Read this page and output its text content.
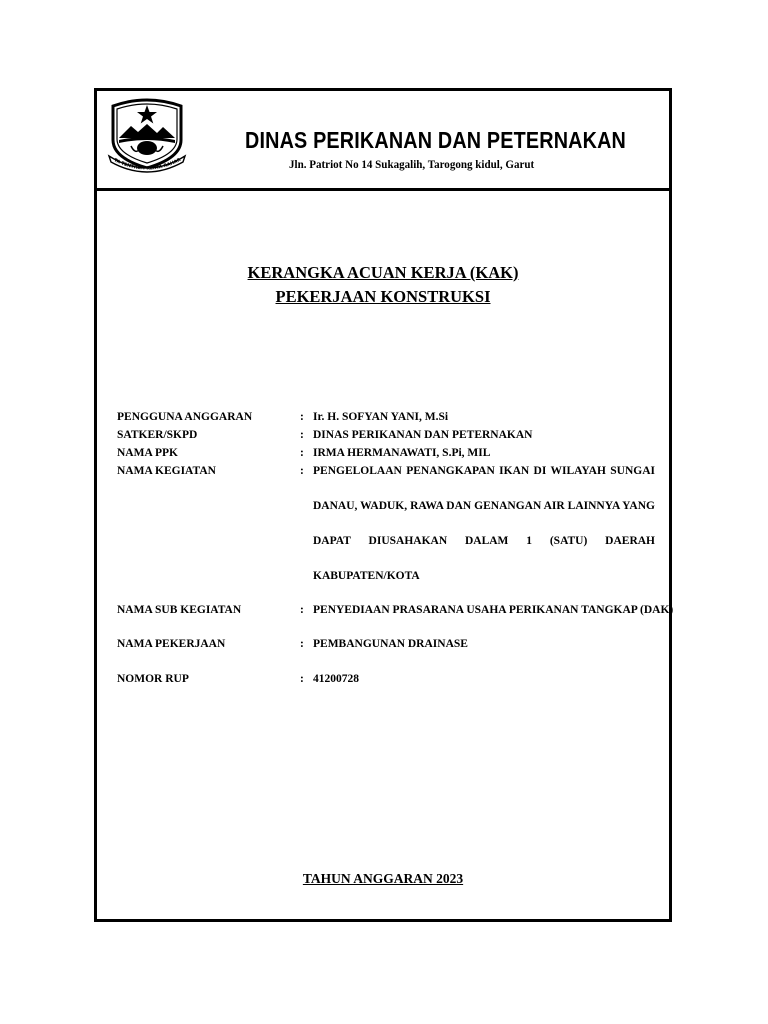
TA TENTREM KERTA RAHAR
DINAS PERIKANAN DAN PETERNAKAN
Jln. Patriot No 14 Sukagalih, Tarogong kidul, Garut
KERANGKA ACUAN KERJA (KAK)
PEKERJAAN KONSTRUKSI
PENGGUNA ANGGARAN	: Ir. H. SOFYAN YANI, M.Si
SATKER/SKPD	: DINAS PERIKANAN DAN PETERNAKAN
NAMA PPK	: IRMA HERMANAWATI, S.Pi, MIL
NAMA KEGIATAN	: PENGELOLAAN PENANGKAPAN IKAN DI WILAYAH SUNGAI
DANAU, WADUK, RAWA DAN GENANGAN AIR LAINNYA YANG
DAPAT DIUSAHAKAN DALAM 1 (SATU) DAERAH
KABUPATEN/KOTA
NAMA SUB KEGIATAN	: PENYEDIAAN PRASARANA USAHA PERIKANAN TANGKAP (DAK)
NAMA PEKERJAAN	: PEMBANGUNAN DRAINASE
NOMOR RUP	: 41200728
TAHUN ANGGARAN 2023
